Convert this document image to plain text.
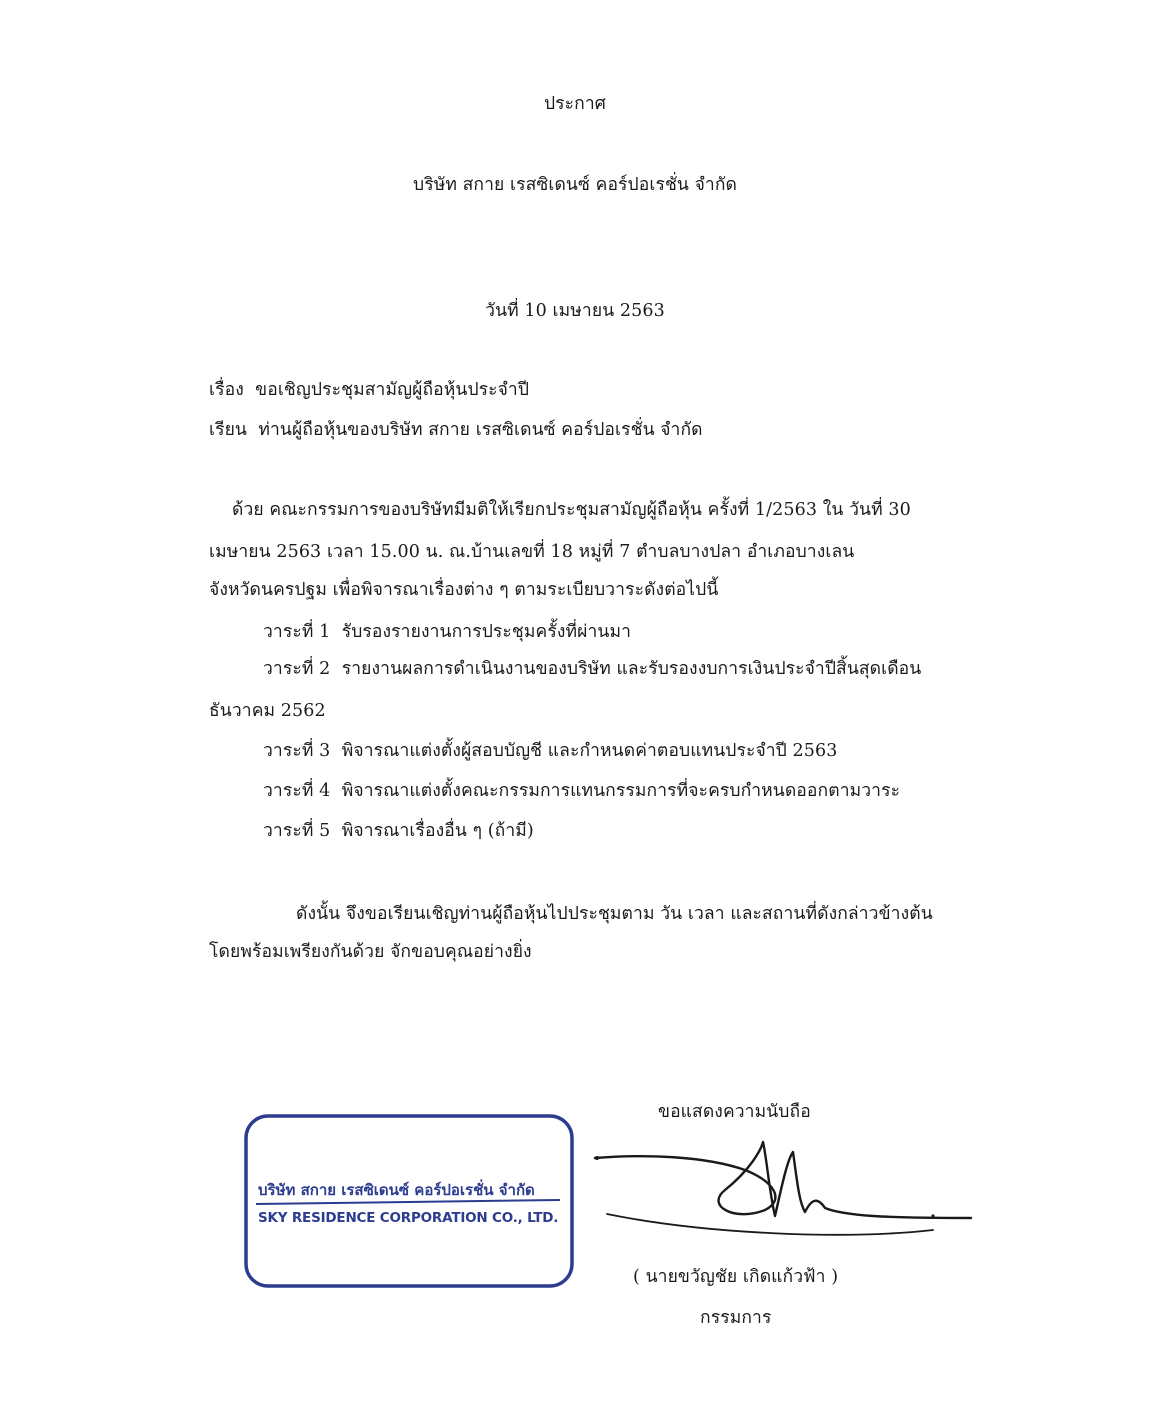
ประกาศ
บริษัท สกาย เรสซิเดนซ์ คอร์ปอเรชั่น จำกัด
วันที่ 10 เมษายน 2563
เรื่อง ขอเชิญประชุมสามัญผู้ถือหุ้นประจำปี
เรียน ท่านผู้ถือหุ้นของบริษัท สกาย เรสซิเดนซ์ คอร์ปอเรชั่น จำกัด
ด้วย คณะกรรมการของบริษัทมีมติให้เรียกประชุมสามัญผู้ถือหุ้น ครั้งที่ 1/2563 ใน วันที่ 30
เมษายน 2563 เวลา 15.00 น. ณ.บ้านเลขที่ 18 หมู่ที่ 7 ตำบลบางปลา อำเภอบางเลน
จังหวัดนครปฐม เพื่อพิจารณาเรื่องต่าง ๆ ตามระเบียบวาระดังต่อไปนี้
วาระที่ 1 รับรองรายงานการประชุมครั้งที่ผ่านมา
วาระที่ 2 รายงานผลการดำเนินงานของบริษัท และรับรองงบการเงินประจำปีสิ้นสุดเดือน
ธันวาคม 2562
วาระที่ 3 พิจารณาแต่งตั้งผู้สอบบัญชี และกำหนดค่าตอบแทนประจำปี 2563
วาระที่ 4 พิจารณาแต่งตั้งคณะกรรมการแทนกรรมการที่จะครบกำหนดออกตามวาระ
วาระที่ 5 พิจารณาเรื่องอื่น ๆ (ถ้ามี)
ดังนั้น จึงขอเรียนเชิญท่านผู้ถือหุ้นไปประชุมตาม วัน เวลา และสถานที่ดังกล่าวข้างต้น
โดยพร้อมเพรียงกันด้วย จักขอบคุณอย่างยิ่ง
ขอแสดงความนับถือ
บริษัท สกาย เรสซิเดนซ์ คอร์ปอเรชั่น จำกัด
SKY RESIDENCE CORPORATION CO., LTD.
( นายขวัญชัย เกิดแก้วฟ้า )
กรรมการ
